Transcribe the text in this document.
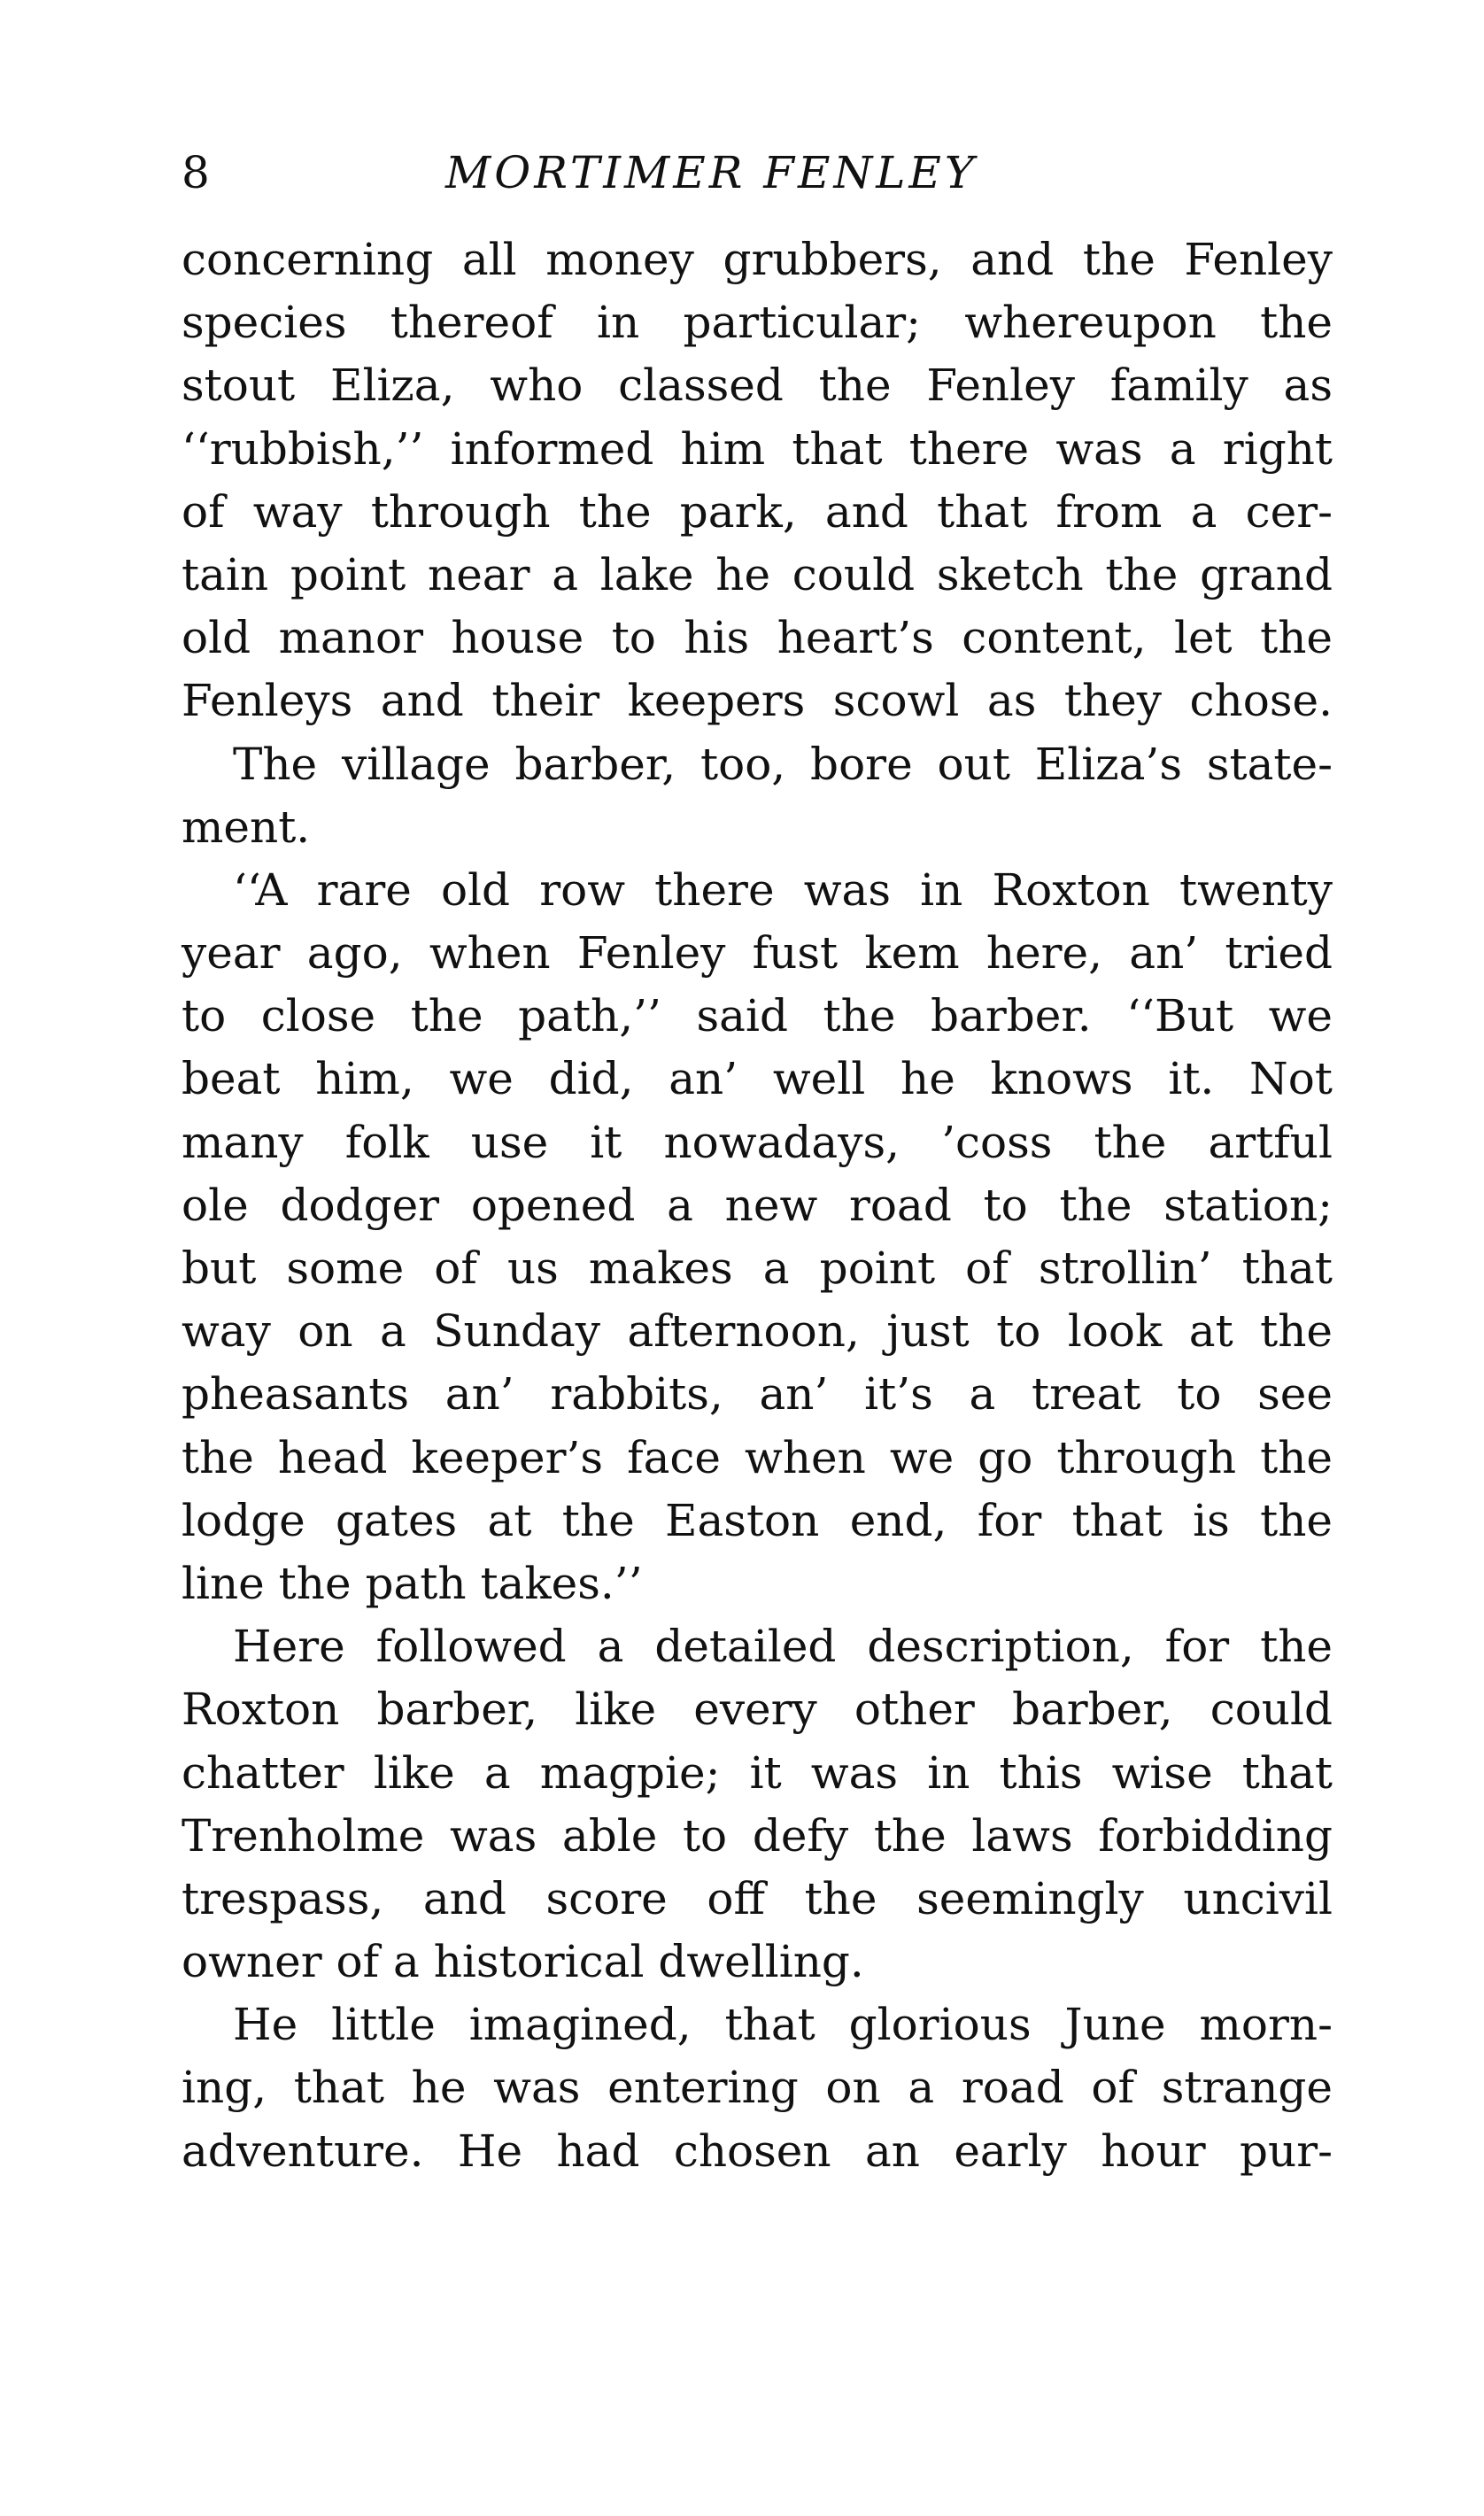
8	MORTIMER FENLEY
concerning all money grubbers, and the Fenley
species thereof in particular; whereupon the
stout Eliza, who classed the Fenley family as
‘‘rubbish,’’ informed him that there was a right
of way through the park, and that from a cer-
tain point near a lake he could sketch the grand
old manor house to his heart’s content, let the
Fenleys and their keepers scowl as they chose.
The village barber, too, bore out Eliza’s state-
ment.
‘‘A rare old row there was in Roxton twenty
year ago, when Fenley fust kem here, an’ tried
to close the path,’’ said the barber. ‘‘But we
beat him, we did, an’ well he knows it. Not
many folk use it nowadays, ’coss the artful
ole dodger opened a new road to the station;
but some of us makes a point of strollin’ that
way on a Sunday afternoon, just to look at the
pheasants an’ rabbits, an’ it’s a treat to see
the head keeper’s face when we go through the
lodge gates at the Easton end, for that is the
line the path takes.’’
Here followed a detailed description, for the
Roxton barber, like every other barber, could
chatter like a magpie; it was in this wise that
Trenholme was able to defy the laws forbidding
trespass, and score off the seemingly uncivil
owner of a historical dwelling.
He little imagined, that glorious June morn-
ing, that he was entering on a road of strange
adventure. He had chosen an early hour pur-
